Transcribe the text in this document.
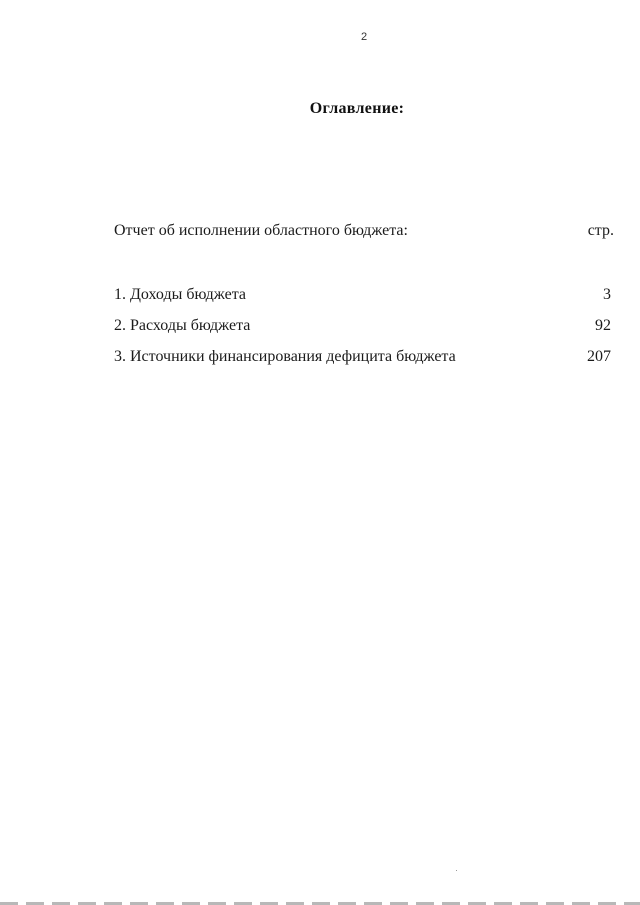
2
Оглавление:
Отчет об исполнении областного бюджета:	стр.
1. Доходы бюджета	3
2. Расходы бюджета	92
3. Источники финансирования дефицита бюджета	207
